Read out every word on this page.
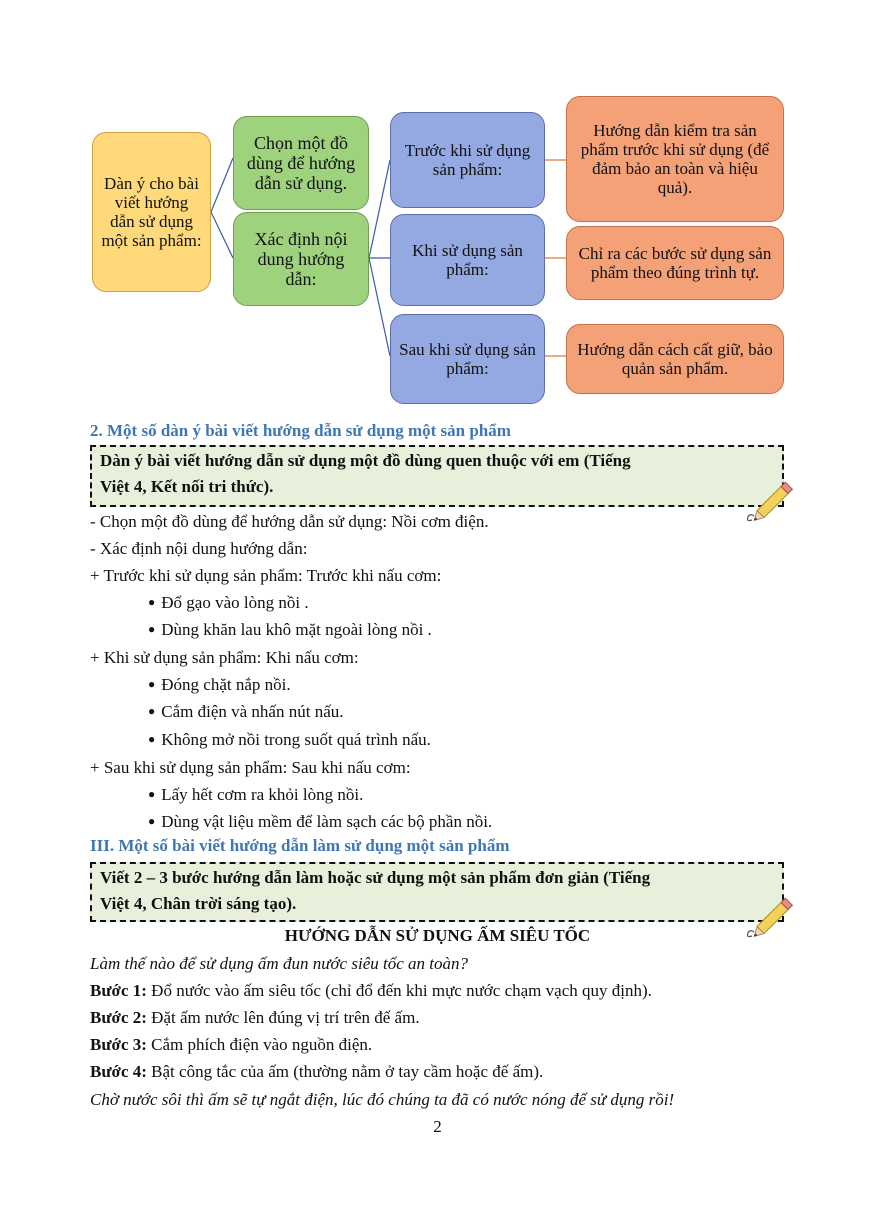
Dàn ý cho bài viết hướng dẫn sử dụng một sản phẩm:
Chọn một đồ dùng để hướng dẫn sử dụng.
Xác định nội dung hướng dẫn:
Trước khi sử dụng sản phẩm:
Khi sử dụng sản phẩm:
Sau khi sử dụng sản phẩm:
Hướng dẫn kiểm tra sản phẩm trước khi sử dụng (để đảm bảo an toàn và hiệu quả).
Chỉ ra các bước sử dụng sản phẩm theo đúng trình tự.
Hướng dẫn cách cất giữ, bảo quản sản phẩm.
2. Một số dàn ý bài viết hướng dẫn sử dụng một sản phẩm
Dàn ý bài viết hướng dẫn sử dụng một đồ dùng quen thuộc với em (Tiếng
Việt 4, Kết nối tri thức).
- Chọn một đồ dùng để hướng dẫn sử dụng: Nồi cơm điện.
- Xác định nội dung hướng dẫn:
+ Trước khi sử dụng sản phẩm: Trước khi nấu cơm:
● Đổ gạo vào lòng nồi .
● Dùng khăn lau khô mặt ngoài lòng nồi .
+ Khi sử dụng sản phẩm: Khi nấu cơm:
● Đóng chặt nắp nồi.
● Cắm điện và nhấn nút nấu.
● Không mở nồi trong suốt quá trình nấu.
+ Sau khi sử dụng sản phẩm: Sau khi nấu cơm:
● Lấy hết cơm ra khỏi lòng nồi.
● Dùng vật liệu mềm để làm sạch các bộ phần nồi.
III. Một số bài viết hướng dẫn làm sử dụng một sản phẩm
Viết 2 – 3 bước hướng dẫn làm hoặc sử dụng một sản phẩm đơn giản (Tiếng
Việt 4, Chân trời sáng tạo).
HƯỚNG DẪN SỬ DỤNG ẤM SIÊU TỐC
Làm thế nào để sử dụng ấm đun nước siêu tốc an toàn?
Bước 1: Đổ nước vào ấm siêu tốc (chỉ đổ đến khi mực nước chạm vạch quy định).
Bước 2: Đặt ấm nước lên đúng vị trí trên đế ấm.
Bước 3: Cắm phích điện vào nguồn điện.
Bước 4: Bật công tắc của ấm (thường nằm ở tay cầm hoặc đế ấm).
Chờ nước sôi thì ấm sẽ tự ngắt điện, lúc đó chúng ta đã có nước nóng để sử dụng rồi!
2
